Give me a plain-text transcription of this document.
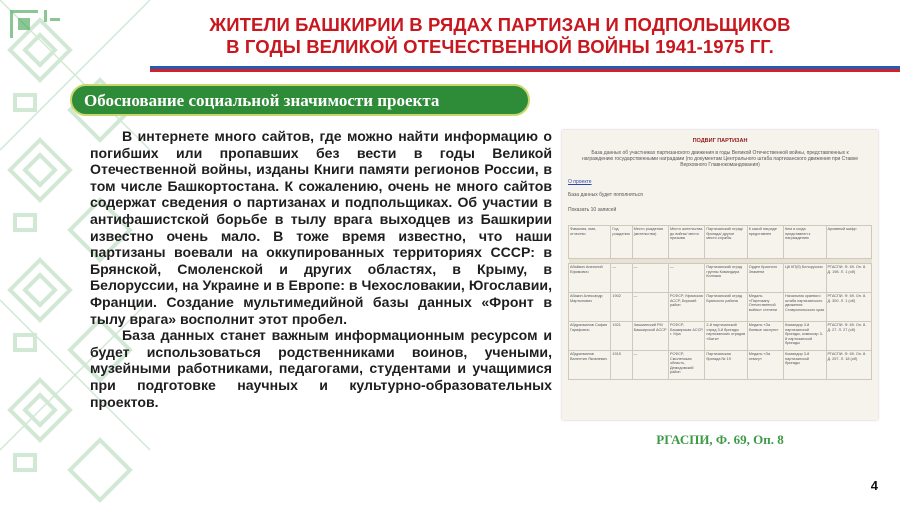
ЖИТЕЛИ БАШКИРИИ В РЯДАХ ПАРТИЗАН И ПОДПОЛЬЩИКОВ
В ГОДЫ ВЕЛИКОЙ ОТЕЧЕСТВЕННОЙ ВОЙНЫ 1941-1975 ГГ.
Обоснование социальной значимости проекта

В интернете много сайтов, где можно найти информацию о погибших или пропавших без вести в годы Великой Отечественной войны, изданы Книги памяти регионов России, в том числе Башкортостана. К сожалению, очень не много сайтов содержат сведения о партизанах и подпольщиках. Об участии в антифашистской борьбе в тылу врага выходцев из Башкирии известно очень мало. В тоже время известно, что наши партизаны воевали на оккупированных территориях СССР: в Брянской, Смоленской и других областях, в Крыму, в Белоруссии, на Украине и в Европе: в Чехословакии, Югославии, Франции. Создание мультимедийной базы данных «Фронт в тылу врага» восполнит этот пробел.

База данных станет важным информационным ресурсом и будет использоваться родственниками воинов, учеными, музейными работниками, педагогами, студентами и учащимися при подготовке научных и культурно-образовательных проектов.

ПОДВИГ ПАРТИЗАН
База данных об участниках партизанского движения в годы Великой Отечественной войны, представленных к награждению государственными наградами (по документам Центрального штаба партизанского движения при Ставке Верховного Главнокомандования)
О проекте
База данных будет пополняться
Показать 10 записей
Фамилия, имя, отчество	Год рождения	Место рождения (жительства)	Место жительства до войны/ место призыва	Партизанский отряд/ бригада/ другое место службы	К какой награде представлен	Кем и когда представлен к награждению	Архивный шифр

Абайкин Анатолий Ефимович	—	—	—	Партизанский отряд группы Командира Колпака	Орден Красного Знамени	ЦК КП(б) Белоруссии	РГАСПИ. Ф. 69. Оп. 8. Д. 198. Л. 1 (об)
Абакин Александр Мартынович	1902	—	РСФСР, Уфимская АССР, Бирский район	Партизанский отряд Брянского района	Медаль «Партизану Отечественной войны» степени	Начальник краевого штаба партизанского движения Ставропольского края	РГАСПИ. Ф. 69. Оп. 8. Д. 300. Л. 1 (об)
Абдрахманов Сафия Гарифович	1921	Чишминский РМ Башкирской АССР	РСФСР, Башкирская АССР, г. Уфа	2-й партизанский отряд 3-й бригады партизанских отрядов «Бати»	Медаль «За боевые заслуги»	Командир 3-й партизанской бригады, комиссар 3-й партизанской бригады	РГАСПИ. Ф. 69. Оп. 8. Д. 27. Л. 27 (об)
Абдрахманов Валентин Яковлевич	1915	—	РСФСР, Смоленская область, Демидовский район	Партизанская бригада № 19	Медаль «За отвагу»	Командир 3-й партизанской бригады	РГАСПИ. Ф. 69. Оп. 8. Д. 257. Л. 18 (об)
РГАСПИ, Ф. 69, Оп. 8
4
